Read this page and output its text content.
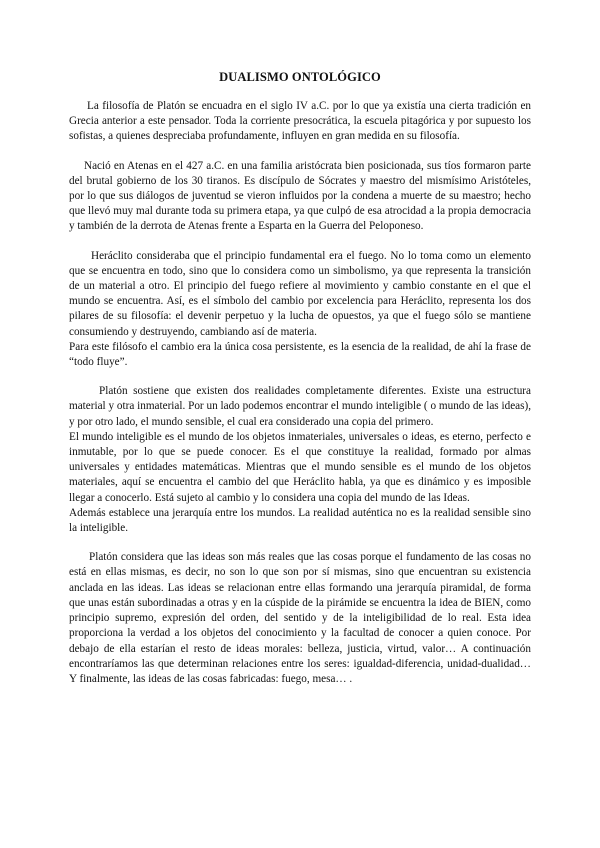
DUALISMO ONTOLÓGICO

La filosofía de Platón se encuadra en el siglo IV a.C. por lo que ya existía una cierta tradición en Grecia anterior a este pensador. Toda la corriente presocrática, la escuela pitagórica y por supuesto los sofistas, a quienes despreciaba profundamente, influyen en gran medida en su filosofía.

Nació en Atenas en el 427 a.C. en una familia aristócrata bien posicionada, sus tíos formaron parte del brutal gobierno de los 30 tiranos. Es discípulo de Sócrates y maestro del mismísimo Aristóteles, por lo que sus diálogos de juventud se vieron influidos por la condena a muerte de su maestro; hecho que llevó muy mal durante toda su primera etapa, ya que culpó de esa atrocidad a la propia democracia y también de la derrota de Atenas frente a Esparta en la Guerra del Peloponeso.

Heráclito consideraba que el principio fundamental era el fuego. No lo toma como un elemento que se encuentra en todo, sino que lo considera como un simbolismo, ya que representa la transición de un material a otro. El principio del fuego refiere al movimiento y cambio constante en el que el mundo se encuentra. Así, es el símbolo del cambio por excelencia para Heráclito, representa los dos pilares de su filosofía: el devenir perpetuo y la lucha de opuestos, ya que el fuego sólo se mantiene consumiendo y destruyendo, cambiando así de materia.
Para este filósofo el cambio era la única cosa persistente, es la esencia de la realidad, de ahí la frase de “todo fluye”.
Platón sostiene que existen dos realidades completamente diferentes. Existe una estructura material y otra inmaterial. Por un lado podemos encontrar el mundo inteligible ( o mundo de las ideas), y por otro lado, el mundo sensible, el cual era considerado una copia del primero.
El mundo inteligible es el mundo de los objetos inmateriales, universales o ideas, es eterno, perfecto e inmutable, por lo que se puede conocer. Es el que constituye la realidad, formado por almas universales y entidades matemáticas. Mientras que el mundo sensible es el mundo de los objetos materiales, aquí se encuentra el cambio del que Heráclito habla, ya que es dinámico y es imposible llegar a conocerlo. Está sujeto al cambio y lo considera una copia del mundo de las Ideas.
Además establece una jerarquía entre los mundos. La realidad auténtica no es la realidad sensible sino la inteligible.

Platón considera que las ideas son más reales que las cosas porque el fundamento de las cosas no está en ellas mismas, es decir, no son lo que son por sí mismas, sino que encuentran su existencia anclada en las ideas. Las ideas se relacionan entre ellas formando una jerarquía piramidal, de forma que unas están subordinadas a otras y en la cúspide de la pirámide se encuentra la idea de BIEN, como principio supremo, expresión del orden, del sentido y de la inteligibilidad de lo real. Esta idea proporciona la verdad a los objetos del conocimiento y la facultad de conocer a quien conoce. Por debajo de ella estarían el resto de ideas morales: belleza, justicia, virtud, valor… A continuación encontraríamos las que determinan relaciones entre los seres: igualdad-diferencia, unidad-dualidad… Y finalmente, las ideas de las cosas fabricadas: fuego, mesa… .
